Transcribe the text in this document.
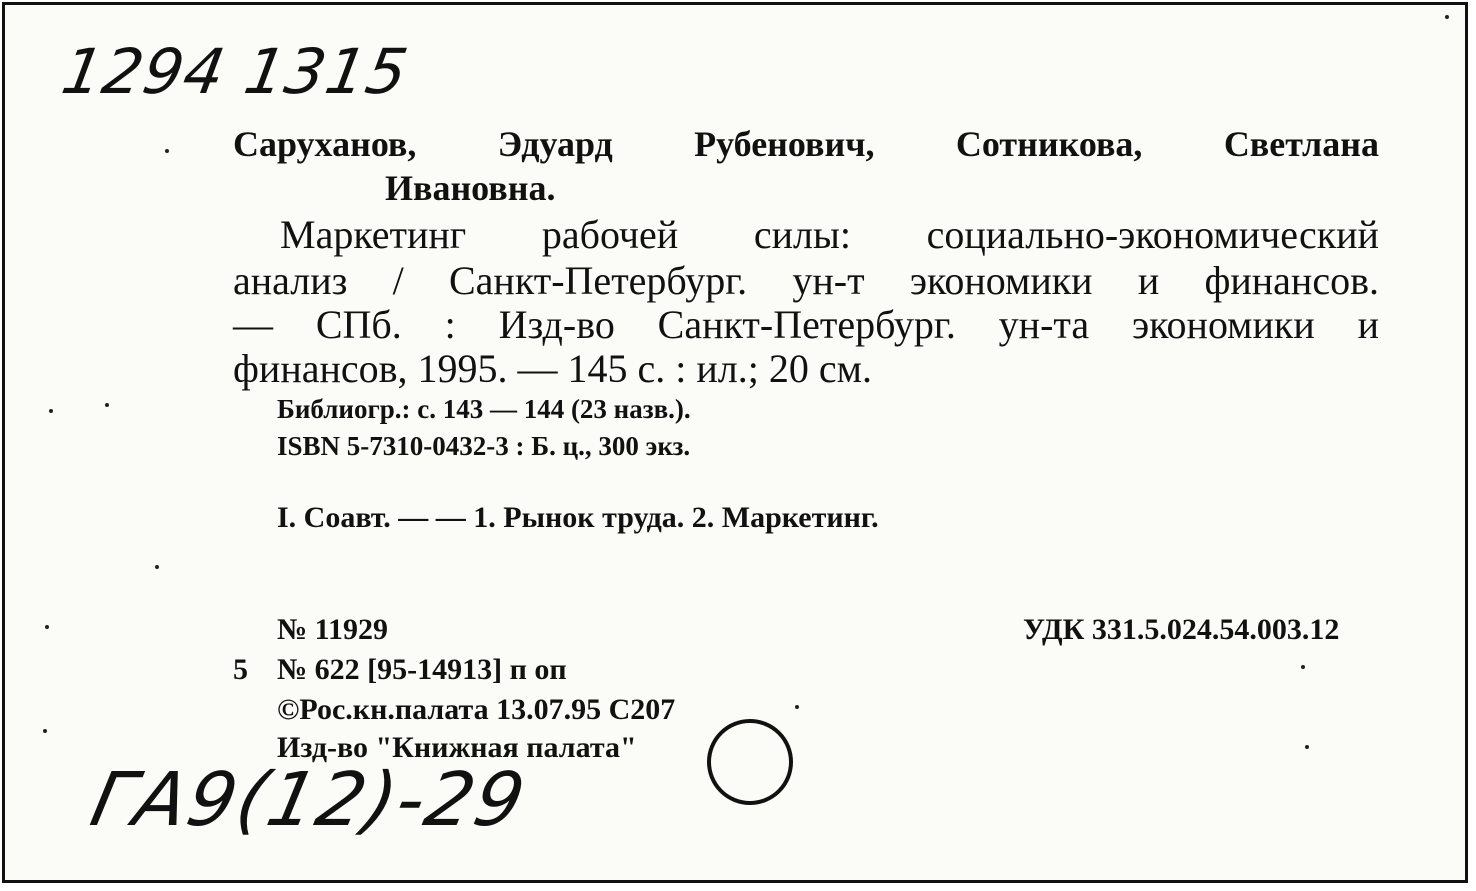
1294 1315
Саруханов, Эдуард Рубенович, Сотникова, Светлана
Ивановна.
Маркетинг рабочей силы: социально-экономический
анализ / Санкт-Петербург. ун-т экономики и финансов.
— СПб. : Изд-во Санкт-Петербург. ун-та экономики и
финансов, 1995. — 145 с. : ил.; 20 см.
Библиогр.: с. 143 — 144 (23 назв.).
ISBN 5-7310-0432-3 : Б. ц., 300 экз.
I. Соавт. — — 1. Рынок труда. 2. Маркетинг.
№ 11929	УДК 331.5.024.54.003.12
5 № 622 [95-14913] п оп
©Рос.кн.палата 13.07.95 С207
Изд-во "Книжная палата"
ГА9(12)-29
